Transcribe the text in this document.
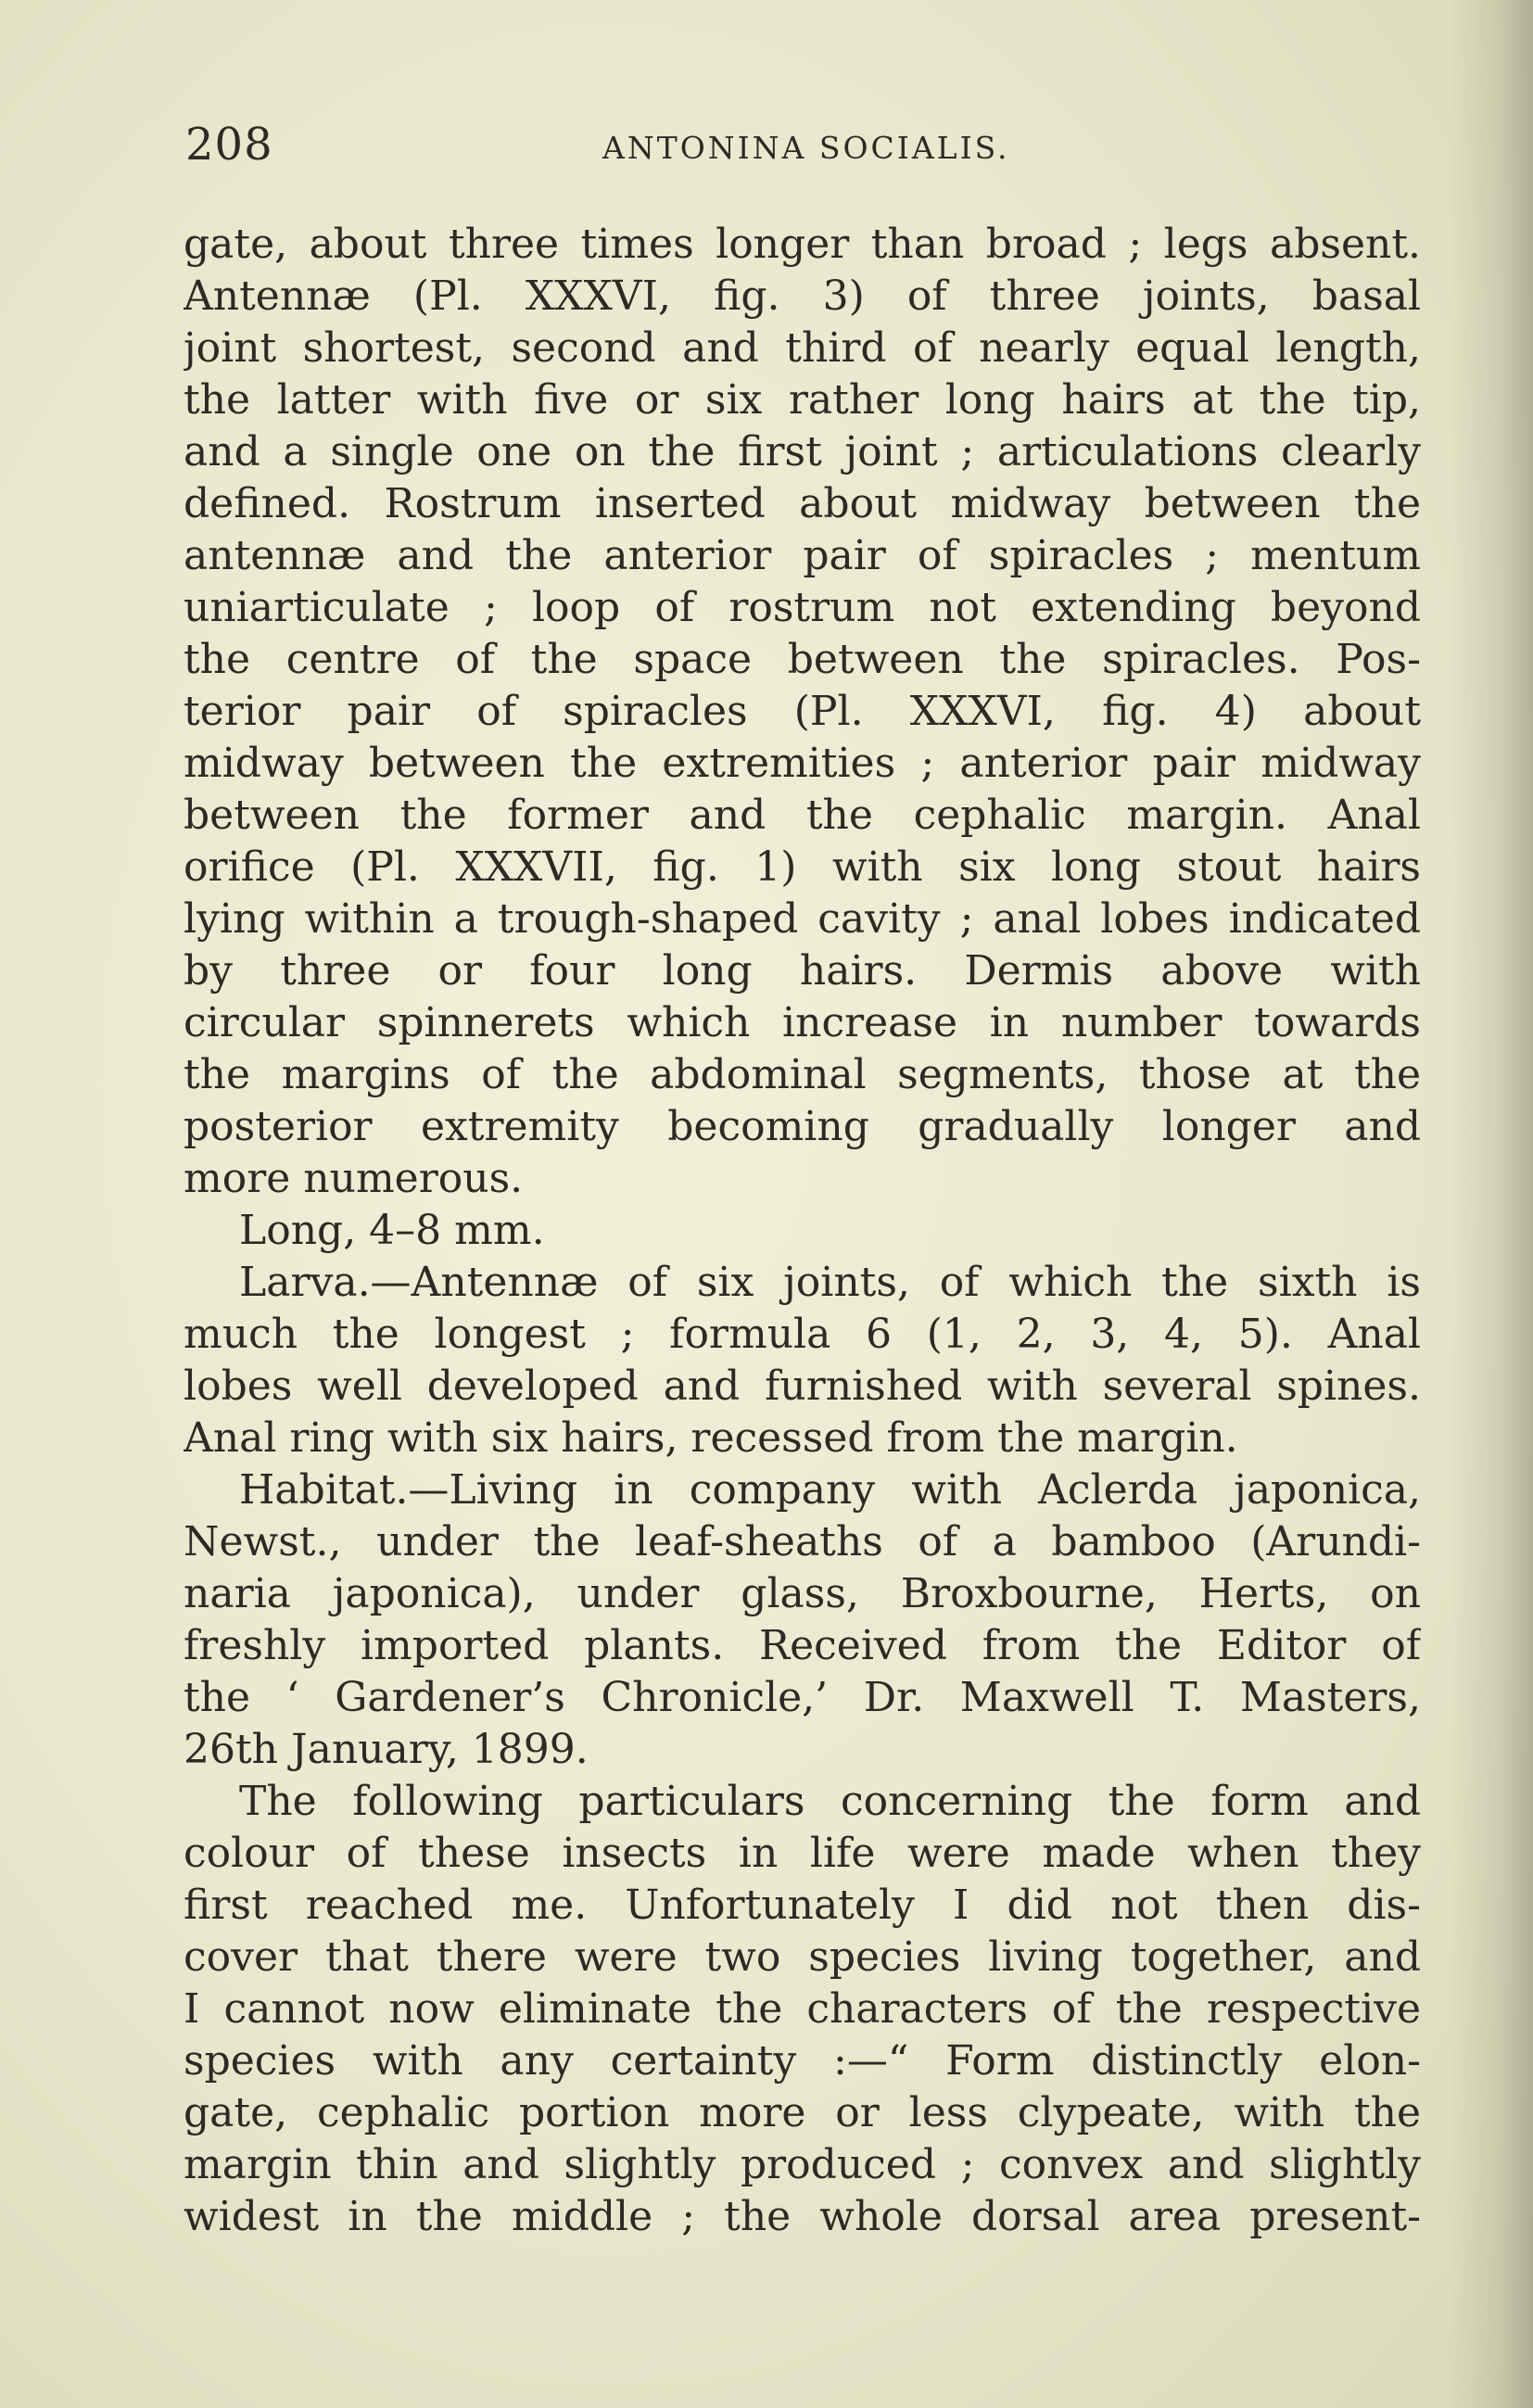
208	ANTONINA SOCIALIS.
gate, about three times longer than broad ; legs absent.
Antennæ (Pl. XXXVI, fig. 3) of three joints, basal
joint shortest, second and third of nearly equal length,
the latter with five or six rather long hairs at the tip,
and a single one on the first joint ; articulations clearly
defined. Rostrum inserted about midway between the
antennæ and the anterior pair of spiracles ; mentum
uniarticulate ; loop of rostrum not extending beyond
the centre of the space between the spiracles. Pos-
terior pair of spiracles (Pl. XXXVI, fig. 4) about
midway between the extremities ; anterior pair midway
between the former and the cephalic margin. Anal
orifice (Pl. XXXVII, fig. 1) with six long stout hairs
lying within a trough-shaped cavity ; anal lobes indicated
by three or four long hairs. Dermis above with
circular spinnerets which increase in number towards
the margins of the abdominal segments, those at the
posterior extremity becoming gradually longer and
more numerous.
Long, 4–8 mm.
Larva.—Antennæ of six joints, of which the sixth is
much the longest ; formula 6 (1, 2, 3, 4, 5). Anal
lobes well developed and furnished with several spines.
Anal ring with six hairs, recessed from the margin.
Habitat.—Living in company with Aclerda japonica,
Newst., under the leaf-sheaths of a bamboo (Arundi-
naria japonica), under glass, Broxbourne, Herts, on
freshly imported plants. Received from the Editor of
the ‘ Gardener’s Chronicle,’ Dr. Maxwell T. Masters,
26th January, 1899.
The following particulars concerning the form and
colour of these insects in life were made when they
first reached me. Unfortunately I did not then dis-
cover that there were two species living together, and
I cannot now eliminate the characters of the respective
species with any certainty :—“ Form distinctly elon-
gate, cephalic portion more or less clypeate, with the
margin thin and slightly produced ; convex and slightly
widest in the middle ; the whole dorsal area present-
